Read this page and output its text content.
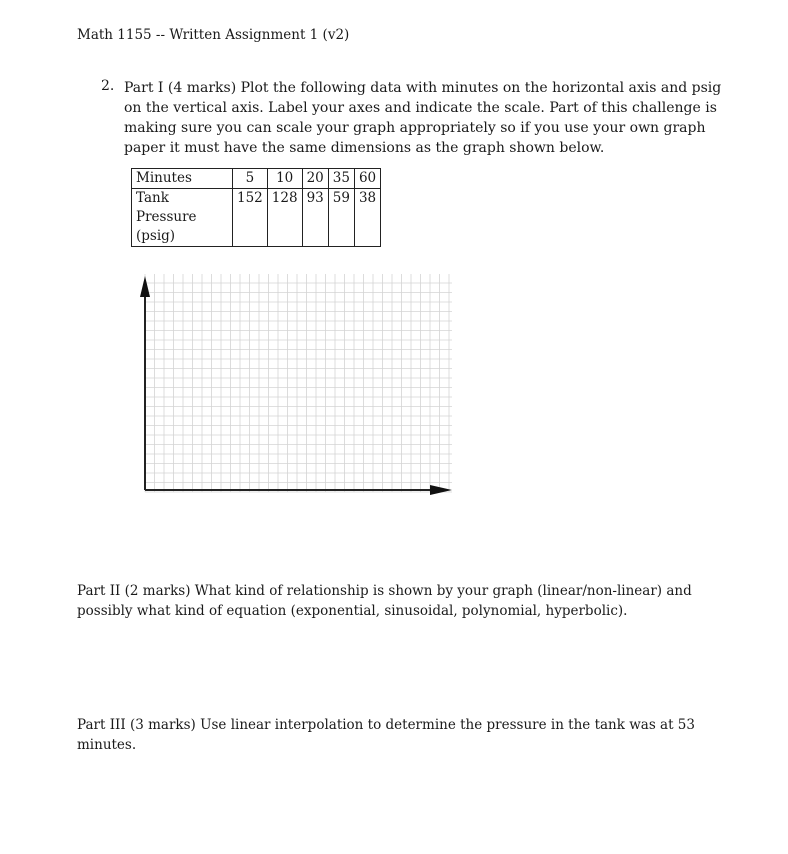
Math 1155 -- Written Assignment 1 (v2)
2. Part I (4 marks) Plot the following data with minutes on the horizontal axis and psig

on the vertical axis. Label your axes and indicate the scale. Part of this challenge is

making sure you can scale your graph appropriately so if you use your own graph

paper it must have the same dimensions as the graph shown below.

Minutes	5	10	20	35	60

Tank
Pressure
(psig)	152	128	93	59	38

Part II (2 marks) What kind of relationship is shown by your graph (linear/non-linear) and

possibly what kind of equation (exponential, sinusoidal, polynomial, hyperbolic).

Part III (3 marks) Use linear interpolation to determine the pressure in the tank was at 53

minutes.
